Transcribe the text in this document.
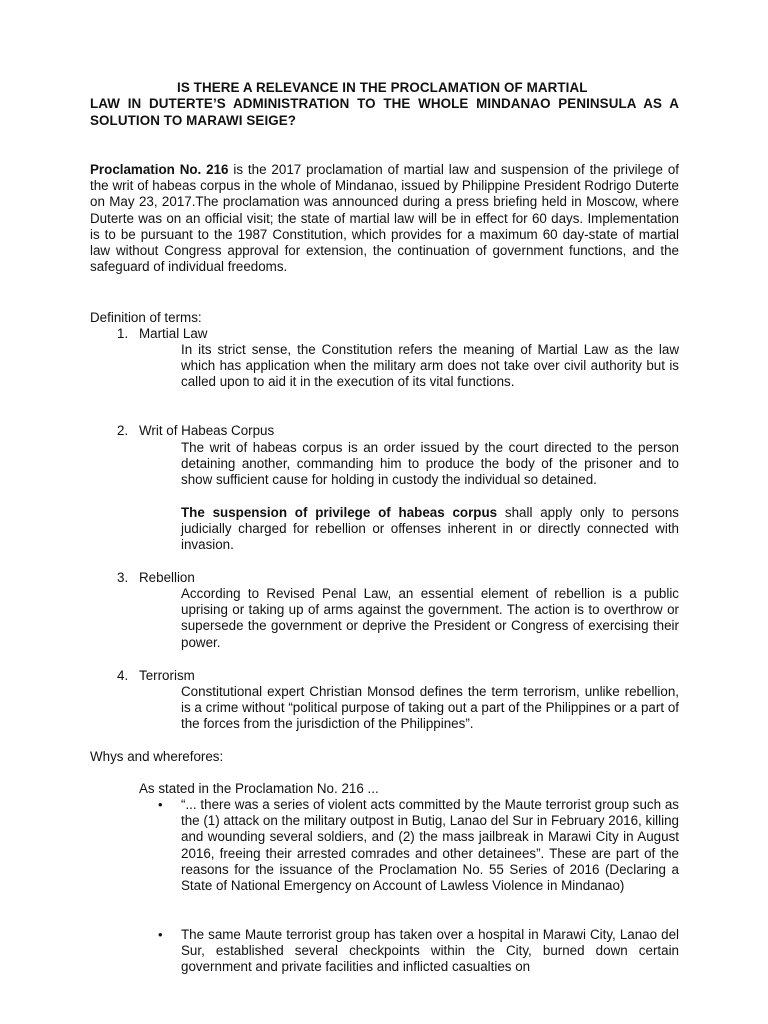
IS THERE A RELEVANCE IN THE PROCLAMATION OF MARTIAL
LAW IN DUTERTE’S ADMINISTRATION TO THE WHOLE MINDANAO PENINSULA AS A SOLUTION TO MARAWI SEIGE?
Proclamation No. 216 is the 2017 proclamation of martial law and suspension of the privilege of the writ of habeas corpus in the whole of Mindanao, issued by Philippine President Rodrigo Duterte on May 23, 2017.The proclamation was announced during a press briefing held in Moscow, where Duterte was on an official visit; the state of martial law will be in effect for 60 days. Implementation is to be pursuant to the 1987 Constitution, which provides for a maximum 60 day-state of martial law without Congress approval for extension, the continuation of government functions, and the safeguard of individual freedoms.
Definition of terms:
1. Martial Law
In its strict sense, the Constitution refers the meaning of Martial Law as the law which has application when the military arm does not take over civil authority but is called upon to aid it in the execution of its vital functions.
2. Writ of Habeas Corpus
The writ of habeas corpus is an order issued by the court directed to the person detaining another, commanding him to produce the body of the prisoner and to show sufficient cause for holding in custody the individual so detained.
The suspension of privilege of habeas corpus shall apply only to persons judicially charged for rebellion or offenses inherent in or directly connected with invasion.
3. Rebellion
According to Revised Penal Law, an essential element of rebellion is a public uprising or taking up of arms against the government. The action is to overthrow or supersede the government or deprive the President or Congress of exercising their power.
4. Terrorism
Constitutional expert Christian Monsod defines the term terrorism, unlike rebellion, is a crime without “political purpose of taking out a part of the Philippines or a part of the forces from the jurisdiction of the Philippines”.
Whys and wherefores:
As stated in the Proclamation No. 216 ...
• “... there was a series of violent acts committed by the Maute terrorist group such as the (1) attack on the military outpost in Butig, Lanao del Sur in February 2016, killing and wounding several soldiers, and (2) the mass jailbreak in Marawi City in August 2016, freeing their arrested comrades and other detainees”. These are part of the reasons for the issuance of the Proclamation No. 55 Series of 2016 (Declaring a State of National Emergency on Account of Lawless Violence in Mindanao)
• The same Maute terrorist group has taken over a hospital in Marawi City, Lanao del Sur, established several checkpoints within the City, burned down certain government and private facilities and inflicted casualties on
